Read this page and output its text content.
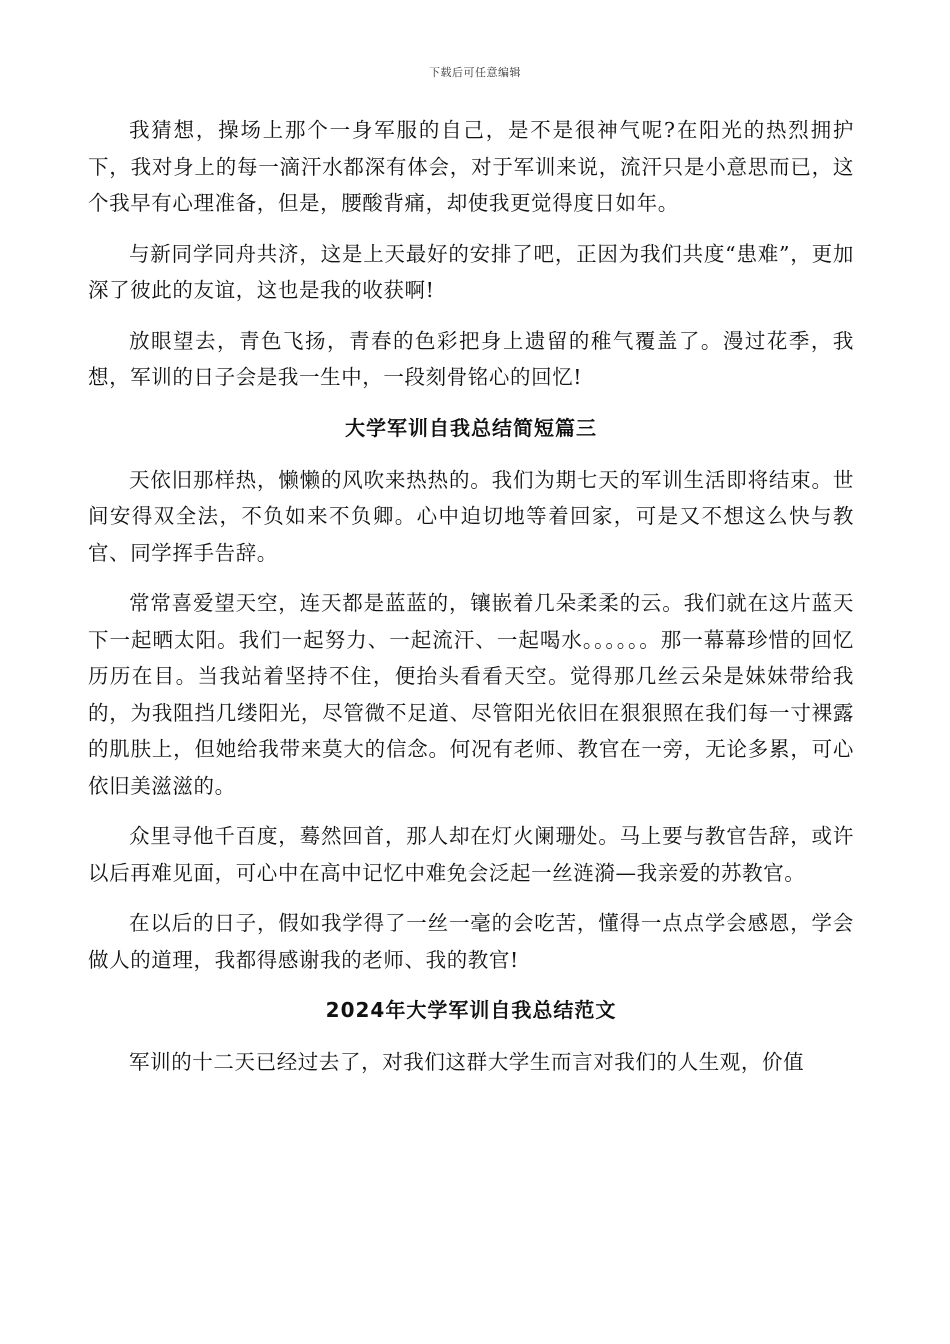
下载后可任意编辑

我猜想，操场上那个一身军服的自己，是不是很神气呢?在阳光的热烈拥护下，我对身上的每一滴汗水都深有体会，对于军训来说，流汗只是小意思而已，这个我早有心理准备，但是，腰酸背痛，却使我更觉得度日如年。

与新同学同舟共济，这是上天最好的安排了吧，正因为我们共度“患难”，更加深了彼此的友谊，这也是我的收获啊!

放眼望去，青色飞扬，青春的色彩把身上遗留的稚气覆盖了。漫过花季，我想，军训的日子会是我一生中，一段刻骨铭心的回忆!

大学军训自我总结简短篇三

天依旧那样热，懒懒的风吹来热热的。我们为期七天的军训生活即将结束。世间安得双全法，不负如来不负卿。心中迫切地等着回家，可是又不想这么快与教官、同学挥手告辞。

常常喜爱望天空，连天都是蓝蓝的，镶嵌着几朵柔柔的云。我们就在这片蓝天下一起晒太阳。我们一起努力、一起流汗、一起喝水。。。。。。那一幕幕珍惜的回忆历历在目。当我站着坚持不住，便抬头看看天空。觉得那几丝云朵是妹妹带给我的，为我阻挡几缕阳光，尽管微不足道、尽管阳光依旧在狠狠照在我们每一寸裸露的肌肤上，但她给我带来莫大的信念。何况有老师、教官在一旁，无论多累，可心依旧美滋滋的。

众里寻他千百度，蓦然回首，那人却在灯火阑珊处。马上要与教官告辞，或许以后再难见面，可心中在高中记忆中难免会泛起一丝涟漪—我亲爱的苏教官。

在以后的日子，假如我学得了一丝一毫的会吃苦，懂得一点点学会感恩，学会做人的道理，我都得感谢我的老师、我的教官!

2024年大学军训自我总结范文

军训的十二天已经过去了，对我们这群大学生而言对我们的人生观，价值
